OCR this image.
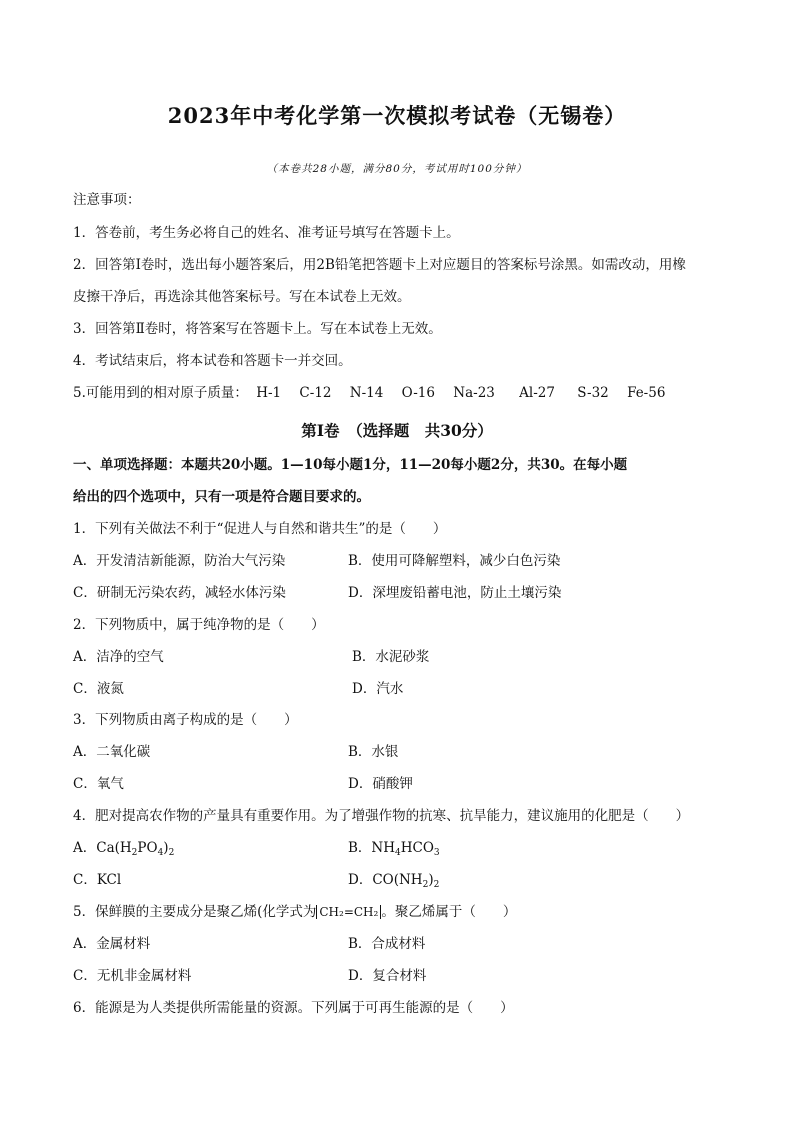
2023年中考化学第一次模拟考试卷（无锡卷）
（本卷共28小题，满分80分，考试用时100分钟）
注意事项：
1．答卷前，考生务必将自己的姓名、准考证号填写在答题卡上。
2．回答第Ⅰ卷时，选出每小题答案后，用2B铅笔把答题卡上对应题目的答案标号涂黑。如需改动，用橡
皮擦干净后，再选涂其他答案标号。写在本试卷上无效。
3．回答第Ⅱ卷时，将答案写在答题卡上。写在本试卷上无效。
4．考试结束后，将本试卷和答题卡一并交回。
5.可能用到的相对原子质量： H-1 C-12 N-14 O-16 Na-23 Al-27 S-32 Fe-56
第Ⅰ卷　（选择题　共30分）
一、单项选择题：本题共20小题。1—10每小题1分，11—20每小题2分，共30。在每小题
给出的四个选项中，只有一项是符合题目要求的。
1．下列有关做法不利于“促进人与自然和谐共生”的是（　　）
A．开发清洁新能源，防治大气污染	B．使用可降解塑料，减少白色污染
C．研制无污染农药，减轻水体污染	D．深埋废铅蓄电池，防止土壤污染
2．下列物质中，属于纯净物的是（　　）
A．洁净的空气	B．水泥砂浆
C．液氮	D．汽水
3．下列物质由离子构成的是（　　）
A．二氧化碳	B．水银
C．氧气	D．硝酸钾
4．肥对提高农作物的产量具有重要作用。为了增强作物的抗寒、抗旱能力，建议施用的化肥是（　　）
A．$Ca(H_2PO_4)_2$	B．$NH_4HCO_3$
C．KCl	D．$CO(NH_2)_2$
5．保鲜膜的主要成分是聚乙烯(化学式为 CH₂=CH₂ 。聚乙烯属于（　　）
A．金属材料	B．合成材料
C．无机非金属材料	D．复合材料
6．能源是为人类提供所需能量的资源。下列属于可再生能源的是（　　）
